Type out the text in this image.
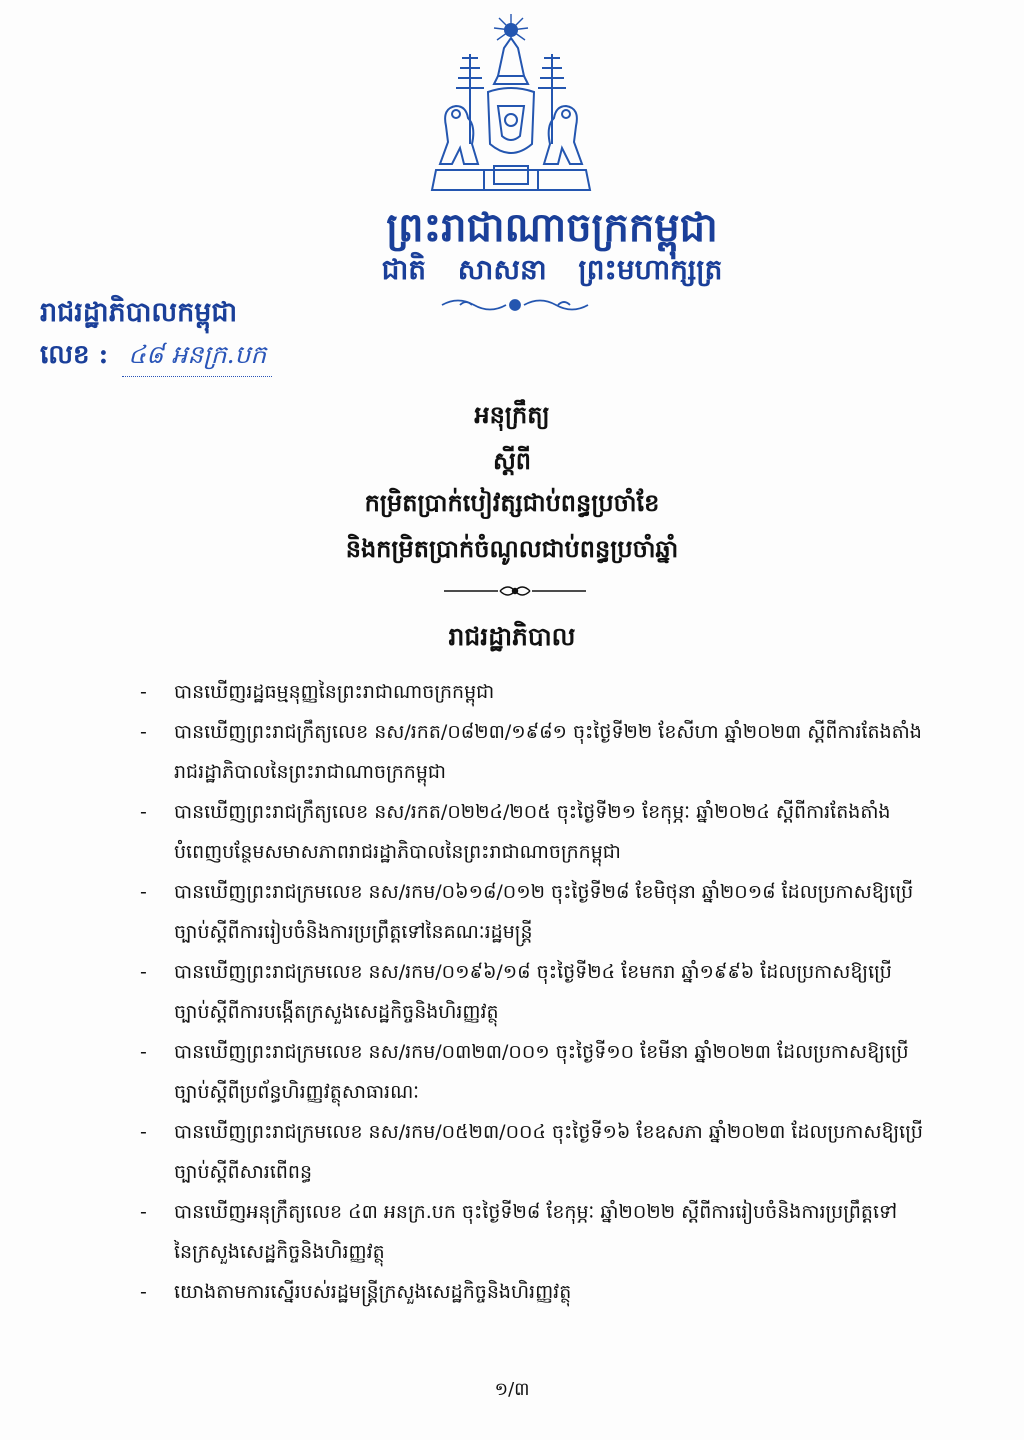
ព្រះរាជាណាចក្រកម្ពុជា
ជាតិ សាសនា ព្រះមហាក្សត្រ
រាជរដ្ឋាភិបាលកម្ពុជា
លេខ : ៤៨ អនក្រ.បក
អនុក្រឹត្យ
ស្តីពី
កម្រិតប្រាក់បៀវត្សជាប់ពន្ធប្រចាំខែ
និងកម្រិតប្រាក់ចំណូលជាប់ពន្ធប្រចាំឆ្នាំ
រាជរដ្ឋាភិបាល
- បានឃើញរដ្ឋធម្មនុញ្ញនៃព្រះរាជាណាចក្រកម្ពុជា
- បានឃើញព្រះរាជក្រឹត្យលេខ នស/រកត/០៨២៣/១៩៨១ ចុះថ្ងៃទី២២ ខែសីហា ឆ្នាំ២០២៣ ស្តីពីការតែងតាំង
រាជរដ្ឋាភិបាលនៃព្រះរាជាណាចក្រកម្ពុជា
- បានឃើញព្រះរាជក្រឹត្យលេខ នស/រកត/០២២៤/២០៥ ចុះថ្ងៃទី២១ ខែកុម្ភៈ ឆ្នាំ២០២៤ ស្តីពីការតែងតាំង
បំពេញបន្ថែមសមាសភាពរាជរដ្ឋាភិបាលនៃព្រះរាជាណាចក្រកម្ពុជា
- បានឃើញព្រះរាជក្រមលេខ នស/រកម/០៦១៨/០១២ ចុះថ្ងៃទី២៨ ខែមិថុនា ឆ្នាំ២០១៨ ដែលប្រកាសឱ្យប្រើ
ច្បាប់ស្តីពីការរៀបចំនិងការប្រព្រឹត្តទៅនៃគណៈរដ្ឋមន្ត្រី
- បានឃើញព្រះរាជក្រមលេខ នស/រកម/០១៩៦/១៨ ចុះថ្ងៃទី២៤ ខែមករា ឆ្នាំ១៩៩៦ ដែលប្រកាសឱ្យប្រើ
ច្បាប់ស្តីពីការបង្កើតក្រសួងសេដ្ឋកិច្ចនិងហិរញ្ញវត្ថុ
- បានឃើញព្រះរាជក្រមលេខ នស/រកម/០៣២៣/០០១ ចុះថ្ងៃទី១០ ខែមីនា ឆ្នាំ២០២៣ ដែលប្រកាសឱ្យប្រើ
ច្បាប់ស្តីពីប្រព័ន្ធហិរញ្ញវត្ថុសាធារណៈ
- បានឃើញព្រះរាជក្រមលេខ នស/រកម/០៥២៣/០០៤ ចុះថ្ងៃទី១៦ ខែឧសភា ឆ្នាំ២០២៣ ដែលប្រកាសឱ្យប្រើ
ច្បាប់ស្តីពីសារពើពន្ធ
- បានឃើញអនុក្រឹត្យលេខ ៤៣ អនក្រ.បក ចុះថ្ងៃទី២៨ ខែកុម្ភៈ ឆ្នាំ២០២២ ស្តីពីការរៀបចំនិងការប្រព្រឹត្តទៅ
នៃក្រសួងសេដ្ឋកិច្ចនិងហិរញ្ញវត្ថុ
- យោងតាមការស្នើរបស់រដ្ឋមន្ត្រីក្រសួងសេដ្ឋកិច្ចនិងហិរញ្ញវត្ថុ
១/៣
